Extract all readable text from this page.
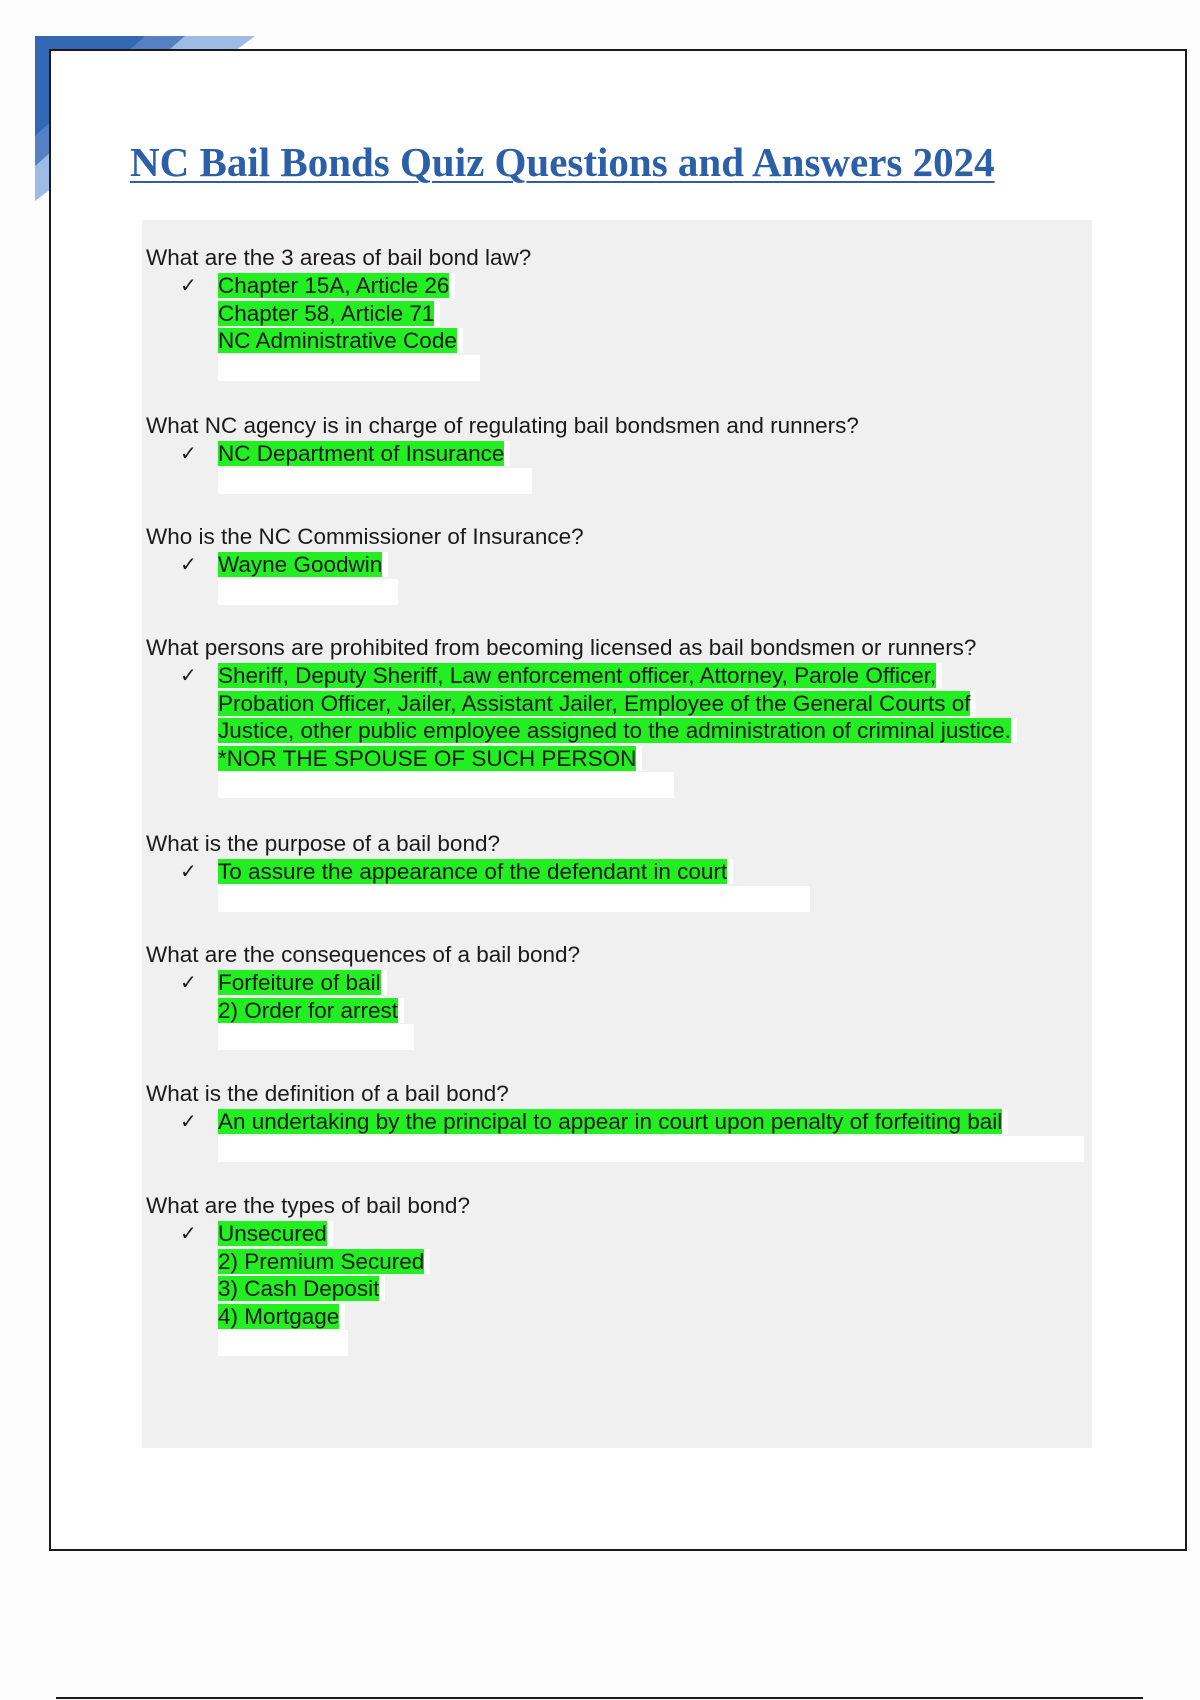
NC Bail Bonds Quiz Questions and Answers 2024

What are the 3 areas of bail bond law?

✓ Chapter 15A, Article 26
Chapter 58, Article 71
NC Administrative Code

What NC agency is in charge of regulating bail bondsmen and runners?

✓ NC Department of Insurance

Who is the NC Commissioner of Insurance?

✓ Wayne Goodwin

What persons are prohibited from becoming licensed as bail bondsmen or runners?

✓ Sheriff, Deputy Sheriff, Law enforcement officer, Attorney, Parole Officer,
Probation Officer, Jailer, Assistant Jailer, Employee of the General Courts of
Justice, other public employee assigned to the administration of criminal justice.
*NOR THE SPOUSE OF SUCH PERSON

What is the purpose of a bail bond?

✓ To assure the appearance of the defendant in court

What are the consequences of a bail bond?

✓ Forfeiture of bail
2) Order for arrest

What is the definition of a bail bond?

✓ An undertaking by the principal to appear in court upon penalty of forfeiting bail

What are the types of bail bond?

✓ Unsecured
2) Premium Secured
3) Cash Deposit
4) Mortgage
